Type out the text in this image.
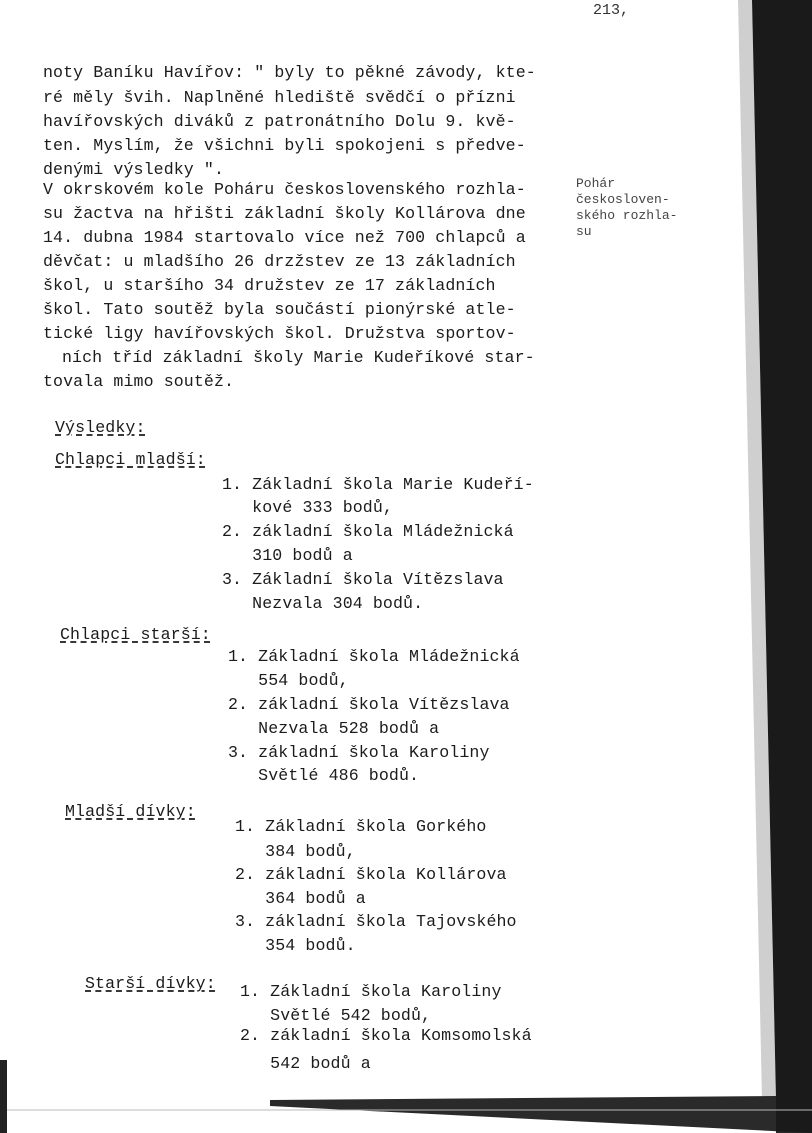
213,
Pohár
českosloven-
ského rozhla-
su
noty Baníku Havířov: " byly to pěkné závody, kte-
ré měly švih. Naplněné hlediště svědčí o přízni
havířovských diváků z patronátního Dolu 9. kvě-
ten. Myslím, že všichni byli spokojeni s předve-
denými výsledky ".
V okrskovém kole Poháru československého rozhla-
su žactva na hřišti základní školy Kollárova dne
14. dubna 1984 startovalo více než 700 chlapců a
děvčat: u mladšího 26 drzžstev ze 13 základních
škol, u staršího 34 družstev ze 17 základních
škol. Tato soutěž byla součástí pionýrské atle-
tické ligy havířovských škol. Družstva sportov-
ních tříd základní školy Marie Kudeříkové star-
tovala mimo soutěž.
Výsledky:
Chlapci mladší:
1. Základní škola Marie Kudeří-
kové 333 bodů,
2. základní škola Mládežnická
310 bodů a
3. Základní škola Vítězslava
Nezvala 304 bodů.
Chlapci starší:
1. Základní škola Mládežnická
554 bodů,
2. základní škola Vítězslava
Nezvala 528 bodů a
3. základní škola Karoliny
Světlé 486 bodů.
Mladší dívky:
1. Základní škola Gorkého
384 bodů,
2. základní škola Kollárova
364 bodů a
3. základní škola Tajovského
354 bodů.
Starší dívky: 1. Základní škola Karoliny
Světlé 542 bodů,
2. základní škola Komsomolská
542 bodů a
